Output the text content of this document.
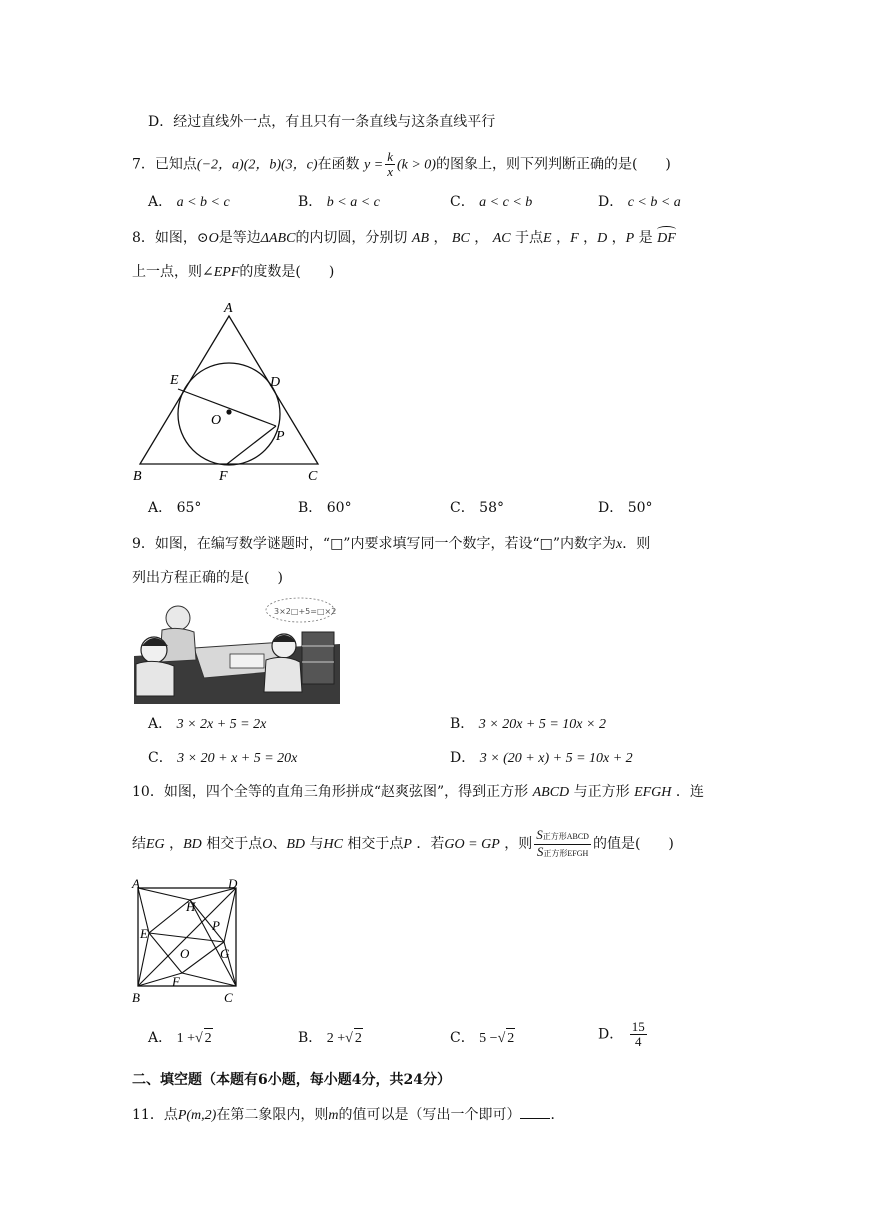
D．经过直线外一点，有且只有一条直线与这条直线平行
7．已知点(−2，a)(2，b)(3，c)在函数 $y = \frac{k}{x} (k > 0)$的图象上，则下列判断正确的是(　　)
A． a < b < c	B． b < a < c	C． a < c < b	D． c < b < a
8．如图，⊙O是等边ΔABC的内切圆，分别切 AB ， BC ， AC 于点E ，F ，D ，P 是 DF
上一点，则∠EPF的度数是(　　)
A
B	C
D
E
F
O
P
A． 65°	B． 60°	C． 58°	D． 50°
9．如图，在编写数学谜题时，“□”内要求填写同一个数字，若设“□”内数字为x．则
列出方程正确的是(　　)
3×2□+5=□×2
A． 3 × 2x + 5 = 2x	B． 3 × 20x + 5 = 10x × 2
C． 3 × 20 + x + 5 = 20x	D． 3 × (20 + x) + 5 = 10x + 2
10．如图，四个全等的直角三角形拼成“赵爽弦图”，得到正方形 ABCD 与正方形 EFGH ．连
结EG ，BD 相交于点O、BD 与HC 相交于点P ．若GO = GP ，则 $\frac{\text{S正方形ABCD}}{\text{S正方形EFGH}}$ 的值是(　　)
A	D
B	C
E
F
G
H
O
P
A． 1 +√ 2	B． 2 +√ 2	C． 5 −√ 2	D． $\frac{15}{4}$
二、填空题（本题有6小题，每小题4分，共24分）
11．点P(m,2)在第二象限内，则m的值可以是（写出一个即可） ．
